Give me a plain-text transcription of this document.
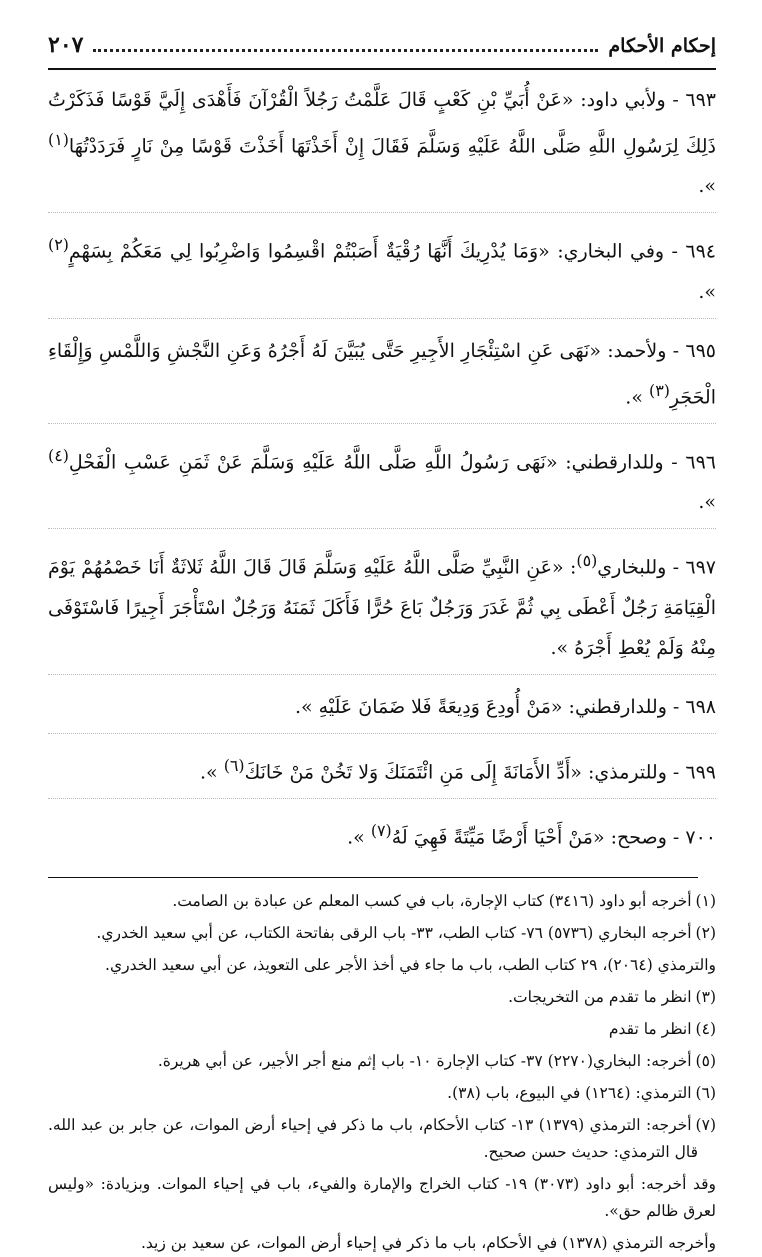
إحكام الأحكام
٢٠٧

٦٩٣ - ولأبي داود: «عَنْ أُبَيِّ بْنِ كَعْبٍ قَالَ عَلَّمْتُ رَجُلاً الْقُرْآنَ فَأَهْدَى إِلَيَّ قَوْسًا فَذَكَرْتُ ذَلِكَ لِرَسُولِ اللَّهِ صَلَّى اللَّهُ عَلَيْهِ وَسَلَّمَ فَقَالَ إِنْ أَخَذْتَهَا أَخَذْتَ قَوْسًا مِنْ نَارٍ فَرَدَدْتُهَا$^{(١)}$ ».

٦٩٤ - وفي البخاري: «وَمَا يُدْرِيكَ أَنَّهَا رُقْيَةٌ أَصَبْتُمْ اقْسِمُوا وَاضْرِبُوا لِي مَعَكُمْ بِسَهْمٍ$^{(٢)}$ ».

٦٩٥ - ولأحمد: «نَهَى عَنِ اسْتِئْجَارِ الأَجِيرِ حَتَّى يُبَيَّنَ لَهُ أَجْرُهُ وَعَنِ النَّجْشِ وَاللَّمْسِ وَإِلْقَاءِ الْحَجَرِ$^{(٣)}$ ».

٦٩٦ - وللدارقطني: «نَهَى رَسُولُ اللَّهِ صَلَّى اللَّهُ عَلَيْهِ وَسَلَّمَ عَنْ ثَمَنِ عَسْبِ الْفَحْلِ$^{(٤)}$ ».

٦٩٧ - وللبخاري$^{(٥)}$: «عَنِ النَّبِيِّ صَلَّى اللَّهُ عَلَيْهِ وَسَلَّمَ قَالَ قَالَ اللَّهُ ثَلاثَةٌ أَنَا خَصْمُهُمْ يَوْمَ الْقِيَامَةِ رَجُلٌ أَعْطَى بِي ثُمَّ غَدَرَ وَرَجُلٌ بَاعَ حُرًّا فَأَكَلَ ثَمَنَهُ وَرَجُلٌ اسْتَأْجَرَ أَجِيرًا فَاسْتَوْفَى مِنْهُ وَلَمْ يُعْطِ أَجْرَهُ ».

٦٩٨ - وللدارقطني: «مَنْ أُودِعَ وَدِيعَةً فَلا ضَمَانَ عَلَيْهِ ».

٦٩٩ - وللترمذي: «أَدِّ الأَمَانَةَ إِلَى مَنِ ائْتَمَنَكَ وَلا تَخُنْ مَنْ خَانَكَ$^{(٦)}$ ».

٧٠٠ - وصحح: «مَنْ أَحْيَا أَرْضًا مَيِّتَةً فَهِيَ لَهُ$^{(٧)}$ ».

(١)أخرجه أبو داود (٣٤١٦) كتاب الإجارة، باب في كسب المعلم عن عبادة بن الصامت.

(٢)أخرجه البخاري (٥٧٣٦) ٧٦- كتاب الطب، ٣٣- باب الرقى بفاتحة الكتاب، عن أبي سعيد الخدري.

والترمذي (٢٠٦٤)، ٢٩ كتاب الطب، باب ما جاء في أخذ الأجر على التعويذ، عن أبي سعيد الخدري.

(٣)انظر ما تقدم من التخريجات.

(٤)انظر ما تقدم

(٥)أخرجه: البخاري(٢٢٧٠) ٣٧- كتاب الإجارة ١٠- باب إثم منع أجر الأجير، عن أبي هريرة.

(٦)الترمذي: (١٢٦٤) في البيوع، باب (٣٨).

(٧)أخرجه: الترمذي (١٣٧٩) ١٣- كتاب الأحكام، باب ما ذكر في إحياء أرض الموات، عن جابر بن عبد الله. قال الترمذي: حديث حسن صحيح.

وقد أخرجه: أبو داود (٣٠٧٣) ١٩- كتاب الخراج والإمارة والفيء، باب في إحياء الموات. وبزيادة: «وليس لعرق ظالم حق».

وأخرجه الترمذي (١٣٧٨) في الأحكام، باب ما ذكر في إحياء أرض الموات، عن سعيد بن زيد.
